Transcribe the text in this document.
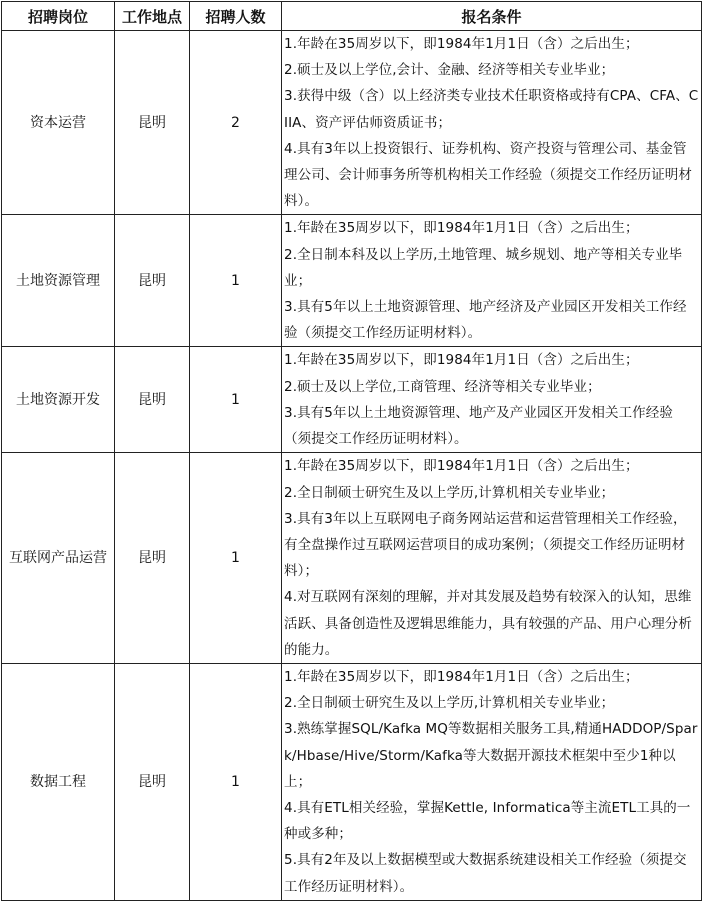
招聘岗位	工作地点	招聘人数	报名条件
资本运营	昆明	2	1.年龄在35周岁以下，即1984年1月1日（含）之后出生；
2.硕士及以上学位,会计、金融、经济等相关专业毕业；
3.获得中级（含）以上经济类专业技术任职资格或持有CPA、CFA、CIIA、资产评估师资质证书；
4.具有3年以上投资银行、证券机构、资产投资与管理公司、基金管理公司、会计师事务所等机构相关工作经验（须提交工作经历证明材料）。

土地资源管理	昆明	1	1.年龄在35周岁以下，即1984年1月1日（含）之后出生；
2.全日制本科及以上学历,土地管理、城乡规划、地产等相关专业毕业；
3.具有5年以上土地资源管理、地产经济及产业园区开发相关工作经验（须提交工作经历证明材料）。

土地资源开发	昆明	1	1.年龄在35周岁以下，即1984年1月1日（含）之后出生；
2.硕士及以上学位,工商管理、经济等相关专业毕业；
3.具有5年以上土地资源管理、地产及产业园区开发相关工作经验（须提交工作经历证明材料）。

互联网产品运营	昆明	1	1.年龄在35周岁以下，即1984年1月1日（含）之后出生；
2.全日制硕士研究生及以上学历,计算机相关专业毕业；
3.具有3年以上互联网电子商务网站运营和运营管理相关工作经验，有全盘操作过互联网运营项目的成功案例；（须提交工作经历证明材料）；
4.对互联网有深刻的理解，并对其发展及趋势有较深入的认知，思维活跃、具备创造性及逻辑思维能力，具有较强的产品、用户心理分析的能力。

数据工程	昆明	1	1.年龄在35周岁以下，即1984年1月1日（含）之后出生；
2.全日制硕士研究生及以上学历,计算机相关专业毕业；
3.熟练掌握SQL/Kafka MQ等数据相关服务工具,精通HADDOP/Spark/Hbase/Hive/Storm/Kafka等大数据开源技术框架中至少1种以上；
4.具有ETL相关经验，掌握Kettle, Informatica等主流ETL工具的一种或多种；
5.具有2年及以上数据模型或大数据系统建设相关工作经验（须提交工作经历证明材料）。
